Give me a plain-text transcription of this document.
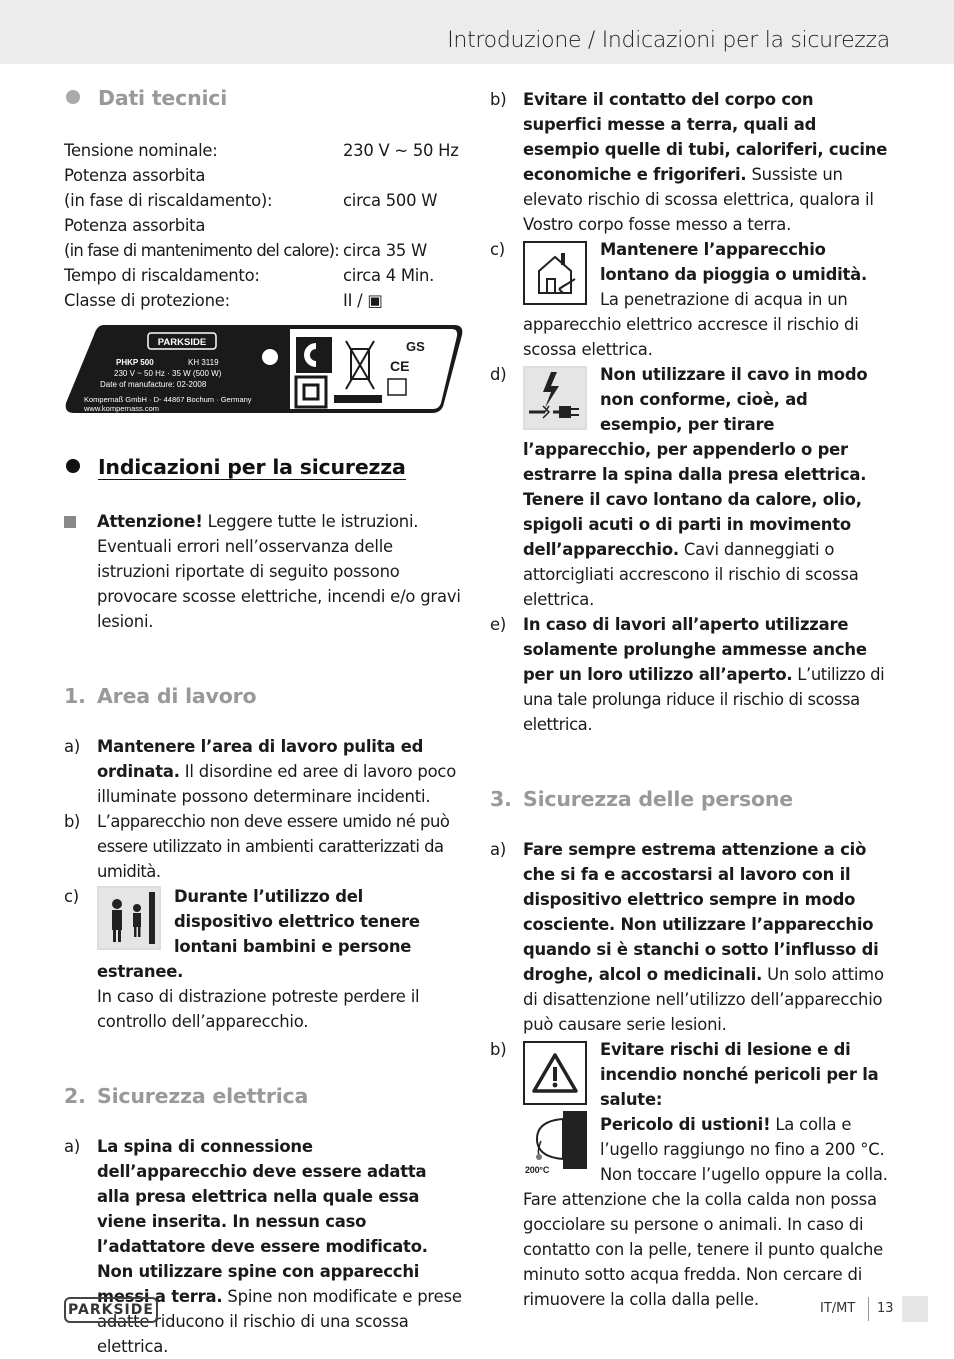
Introduzione / Indicazioni per la sicurezza
Dati tecnici
Tensione nominale:	230 V ~ 50 Hz
Potenza assorbita	
(in fase di riscaldamento):	circa 500 W
Potenza assorbita	
(in fase di mantenimento del calore):	circa 35 W
Tempo di riscaldamento:	circa 4 Min.
Classe di protezione:	II / ▣
CE
GS
PARKSIDE
PHKP 500	KH 3119
230 V ~ 50 Hz · 35 W (500 W)
Date of manufacture: 02-2008
Kompernaß GmbH · D- 44867 Bochum · Germany
www.kompernass.com
Indicazioni per la sicurezza
Attenzione! Leggere tutte le istruzioni. Eventuali errori nell’osservanza delle istruzioni riportate di seguito possono provocare scosse elettriche, incendi e/o gravi lesioni.
1. Area di lavoro
a) Mantenere l’area di lavoro pulita ed ordinata. Il disordine ed aree di lavoro poco illuminate possono determinare incidenti.
b) L’apparecchio non deve essere umido né può essere utilizzato in ambienti caratterizzati da umidità.
c)	Durante l’utilizzo del dispositivo elettrico tenere lontani bambini e persone estranee.
In caso di distrazione potreste perdere il controllo dell’apparecchio.
2. Sicurezza elettrica
a) La spina di connessione dell’apparecchio deve essere adatta alla presa elettrica nella quale essa viene inserita. In nessun caso l’adattatore deve essere modificato. Non utilizzare spine con apparecchi messi a terra. Spine non modificate e prese adatte riducono il rischio di una scossa elettrica.
b) Evitare il contatto del corpo con superfici messe a terra, quali ad esempio quelle di tubi, caloriferi, cucine economiche e frigoriferi. Sussiste un elevato rischio di scossa elettrica, qualora il Vostro corpo fosse messo a terra.
c)	Mantenere l’apparecchio lontano da pioggia o umidità. La penetrazione di acqua in un apparecchio elettrico accresce il rischio di scossa elettrica.
d)	Non utilizzare il cavo in modo non conforme, cioè, ad esempio, per tirare l’apparecchio, per appenderlo o per estrarre la spina dalla presa elettrica. Tenere il cavo lontano da calore, olio, spigoli acuti o di parti in movimento dell’apparecchio. Cavi danneggiati o attorcigliati accrescono il rischio di scossa elettrica.
e) In caso di lavori all’aperto utilizzare solamente prolunghe ammesse anche per un loro utilizzo all’aperto. L’utilizzo di una tale prolunga riduce il rischio di scossa elettrica.
3. Sicurezza delle persone
a) Fare sempre estrema attenzione a ciò che si fa e accostarsi al lavoro con il dispositivo elettrico sempre in modo cosciente. Non utilizzare l’apparecchio quando si è stanchi o sotto l’influsso di droghe, alcol o medicinali. Un solo attimo di disattenzione nell’utilizzo dell’apparecchio può causare serie lesioni.
b)
200°C
Evitare rischi di lesione e di incendio nonché pericoli per la salute:
Pericolo di ustioni! La colla e l’ugello raggiungo no fino a 200 °C. Non toccare l’ugello oppure la colla. Fare attenzione che la colla calda non possa gocciolare su persone o animali. In caso di contatto con la pelle, tenere il punto qualche minuto sotto acqua fredda. Non cercare di rimuovere la colla dalla pelle.
PARKSIDE	IT/MT 13
